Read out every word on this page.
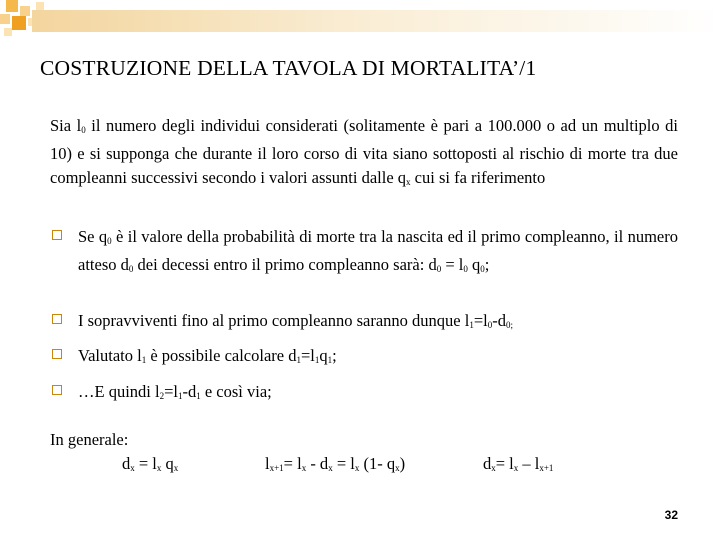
COSTRUZIONE DELLA TAVOLA DI MORTALITA’/1
Sia $l_0$ il numero degli individui considerati (solitamente è pari a 100.000 o ad un multiplo di 10) e si supponga che durante il loro corso di vita siano sottoposti al rischio di morte tra due compleanni successivi secondo i valori assunti dalle $q_x$ cui si fa riferimento
Se $q_0$ è il valore della probabilità di morte tra la nascita ed il primo compleanno, il numero atteso $d_0$ dei decessi entro il primo compleanno sarà: $d_0 = l_0$ $q_0$;
I sopravviventi fino al primo compleanno saranno dunque $l_1=l_0-d_{0;}$
Valutato $l_1$ è possibile calcolare $d_1=l_1q_1$;
…E quindi $l_2=l_1-d_1$ e così via;
In generale:
$d_x = l_x$ $q_x$	$l_{x+1}= l_x - d_x = l_x$ (1- $q_x$)	$d_x= l_x - l_{x+1}$
32
